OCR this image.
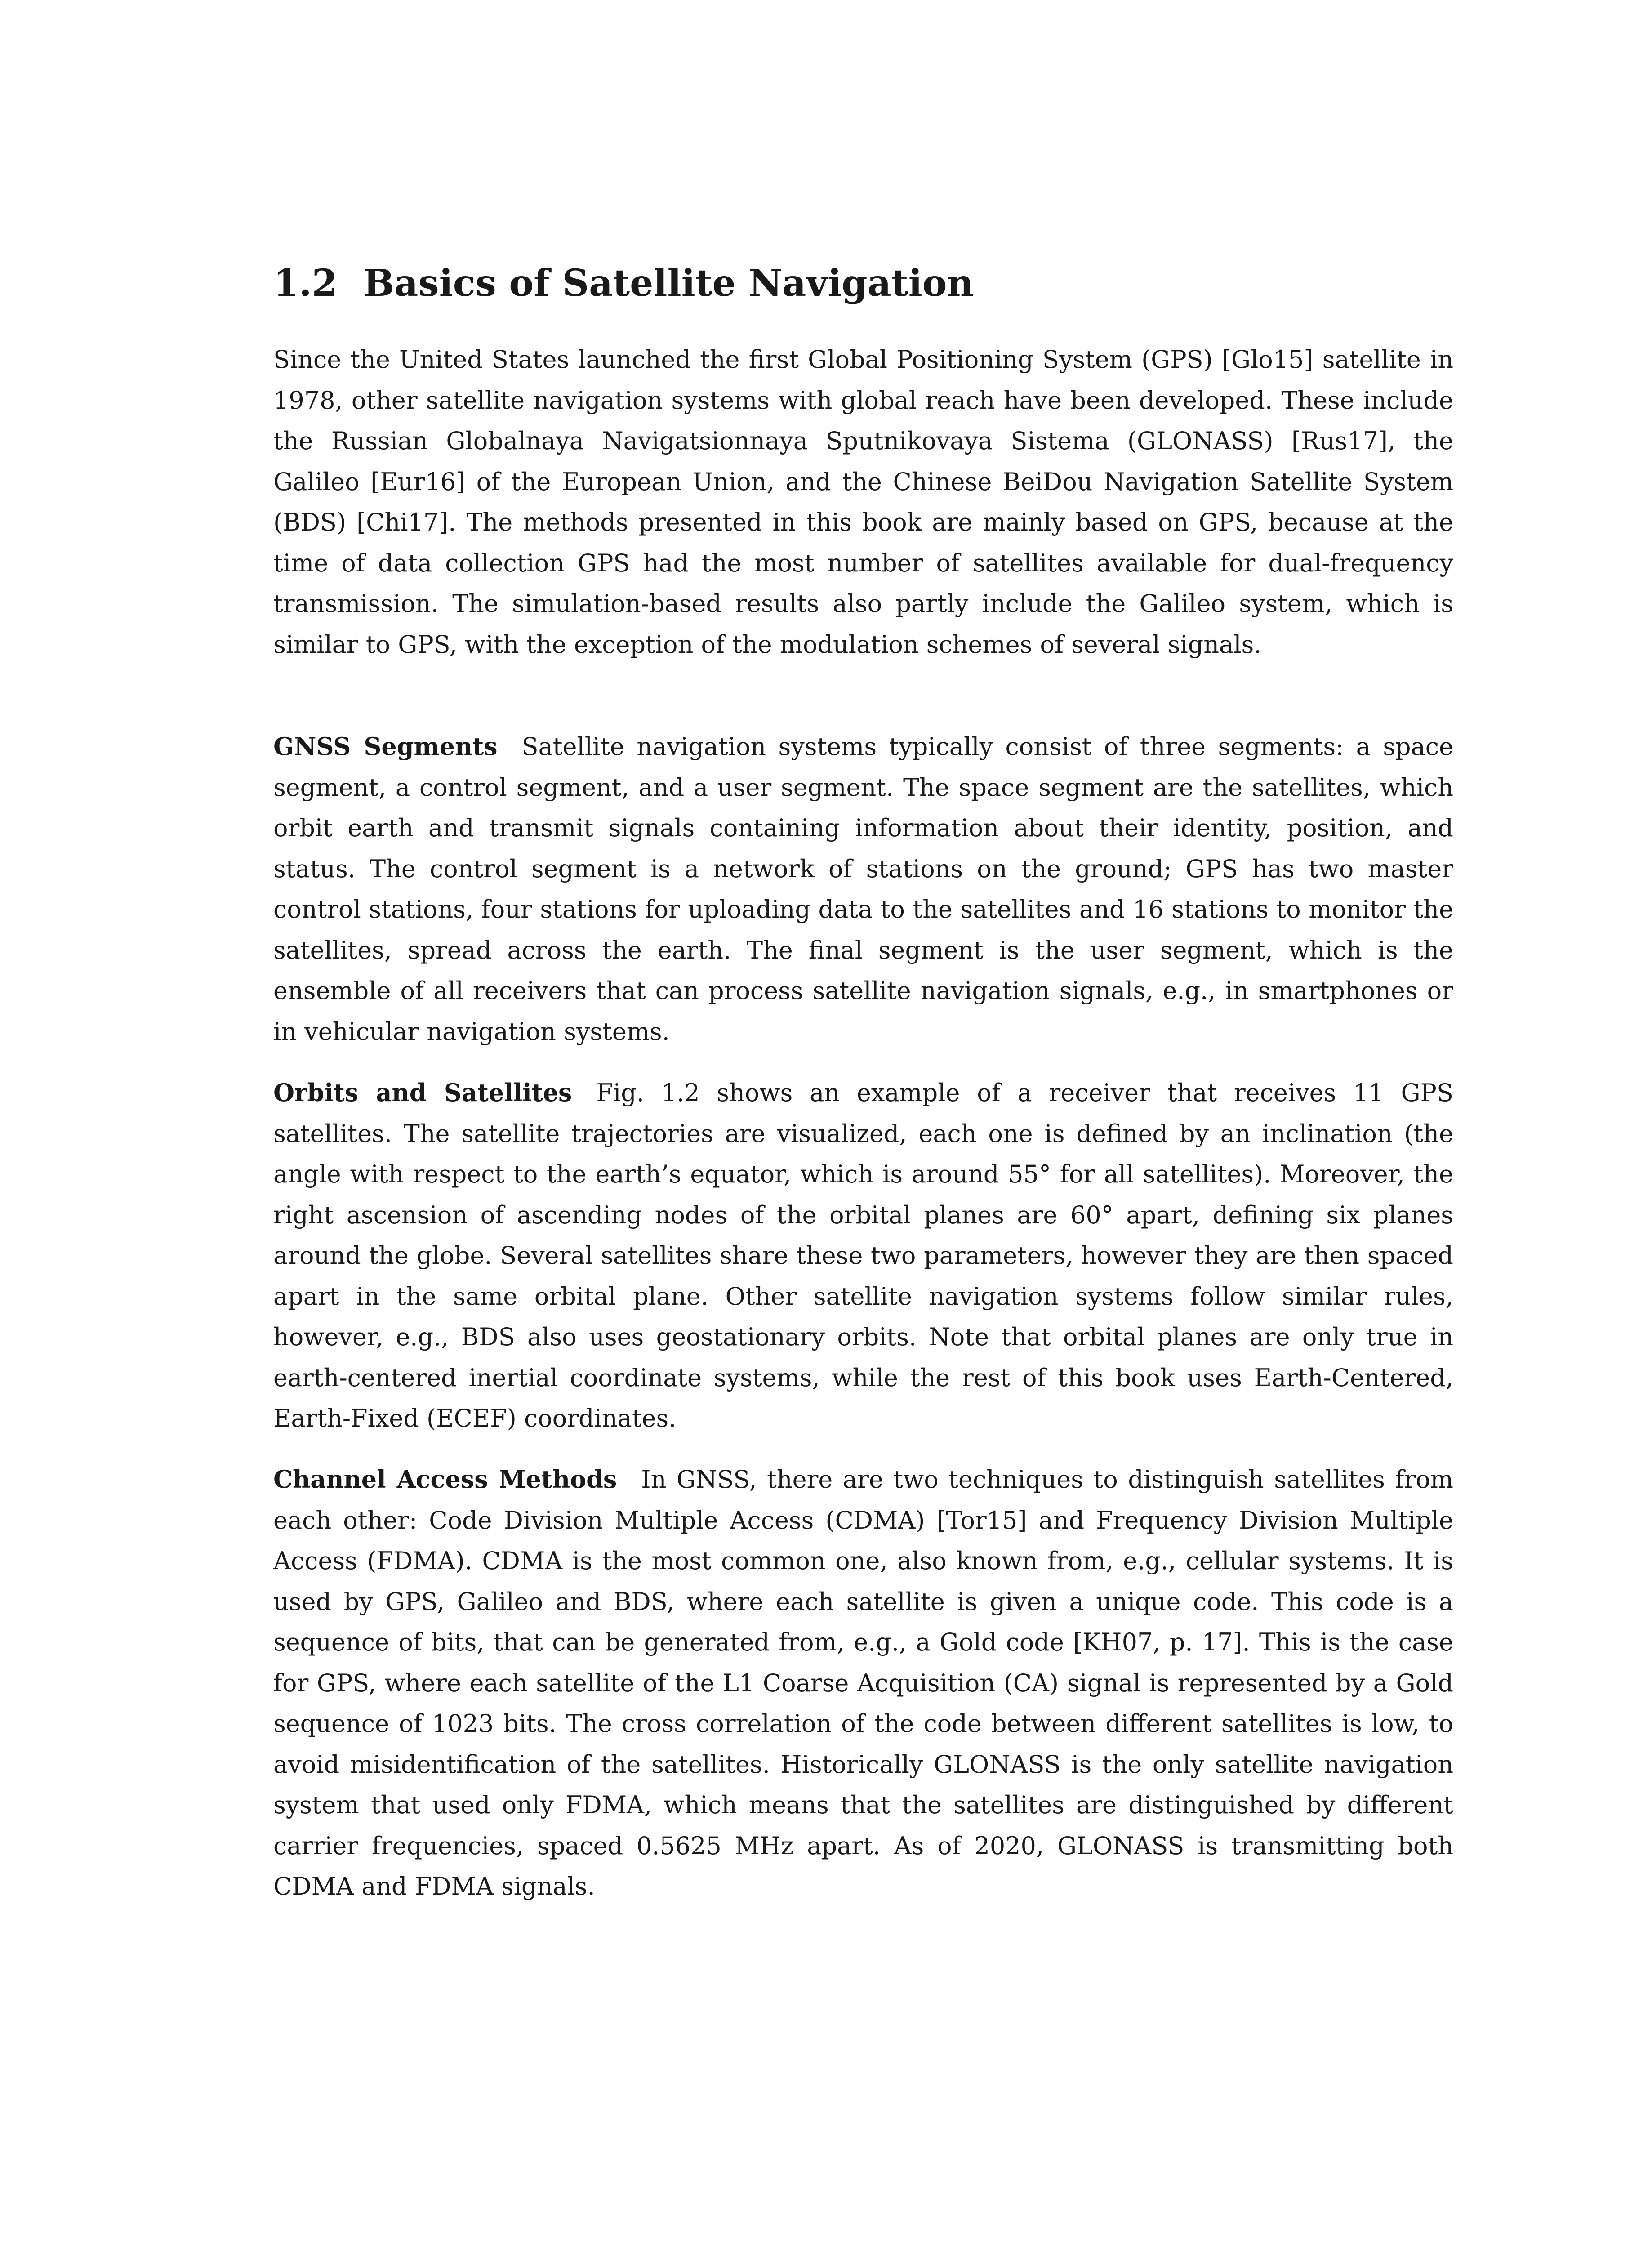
1.2 Basics of Satellite Navigation

Since the United States launched the first Global Positioning System (GPS) [Glo15] satellite in 1978, other satellite navigation systems with global reach have been developed. These include the Russian Globalnaya Navigatsionnaya Sputnikovaya Sistema (GLONASS) [Rus17], the Galileo [Eur16] of the European Union, and the Chinese BeiDou Navigation Satellite System (BDS) [Chi17]. The methods presented in this book are mainly based on GPS, because at the time of data collection GPS had the most number of satellites available for dual-frequency transmission. The simulation-based results also partly include the Galileo system, which is similar to GPS, with the exception of the modulation schemes of several signals.

GNSS Segments Satellite navigation systems typically consist of three segments: a space segment, a control segment, and a user segment. The space segment are the satellites, which orbit earth and transmit signals containing information about their identity, position, and status. The control segment is a network of stations on the ground; GPS has two master control stations, four stations for uploading data to the satellites and 16 stations to monitor the satellites, spread across the earth. The final segment is the user segment, which is the ensemble of all receivers that can process satellite navigation signals, e.g., in smartphones or in vehicular navigation systems.

Orbits and Satellites Fig. 1.2 shows an example of a receiver that receives 11 GPS satellites. The satellite trajectories are visualized, each one is defined by an inclination (the angle with respect to the earth’s equator, which is around 55° for all satellites). Moreover, the right ascension of ascending nodes of the orbital planes are 60° apart, defining six planes around the globe. Several satellites share these two parameters, however they are then spaced apart in the same orbital plane. Other satellite navigation systems follow similar rules, however, e.g., BDS also uses geostationary orbits. Note that orbital planes are only true in earth-centered inertial coordinate systems, while the rest of this book uses Earth-Centered, Earth-Fixed (ECEF) coordinates.

Channel Access Methods In GNSS, there are two techniques to distinguish satellites from each other: Code Division Multiple Access (CDMA) [Tor15] and Frequency Division Multiple Access (FDMA). CDMA is the most common one, also known from, e.g., cellular systems. It is used by GPS, Galileo and BDS, where each satellite is given a unique code. This code is a sequence of bits, that can be generated from, e.g., a Gold code [KH07, p. 17]. This is the case for GPS, where each satellite of the L1 Coarse Acquisition (CA) signal is represented by a Gold sequence of 1023 bits. The cross correlation of the code between different satellites is low, to avoid misidentification of the satellites. Historically GLONASS is the only satellite navigation system that used only FDMA, which means that the satellites are distinguished by different carrier frequencies, spaced 0.5625 MHz apart. As of 2020, GLONASS is transmitting both CDMA and FDMA signals.
